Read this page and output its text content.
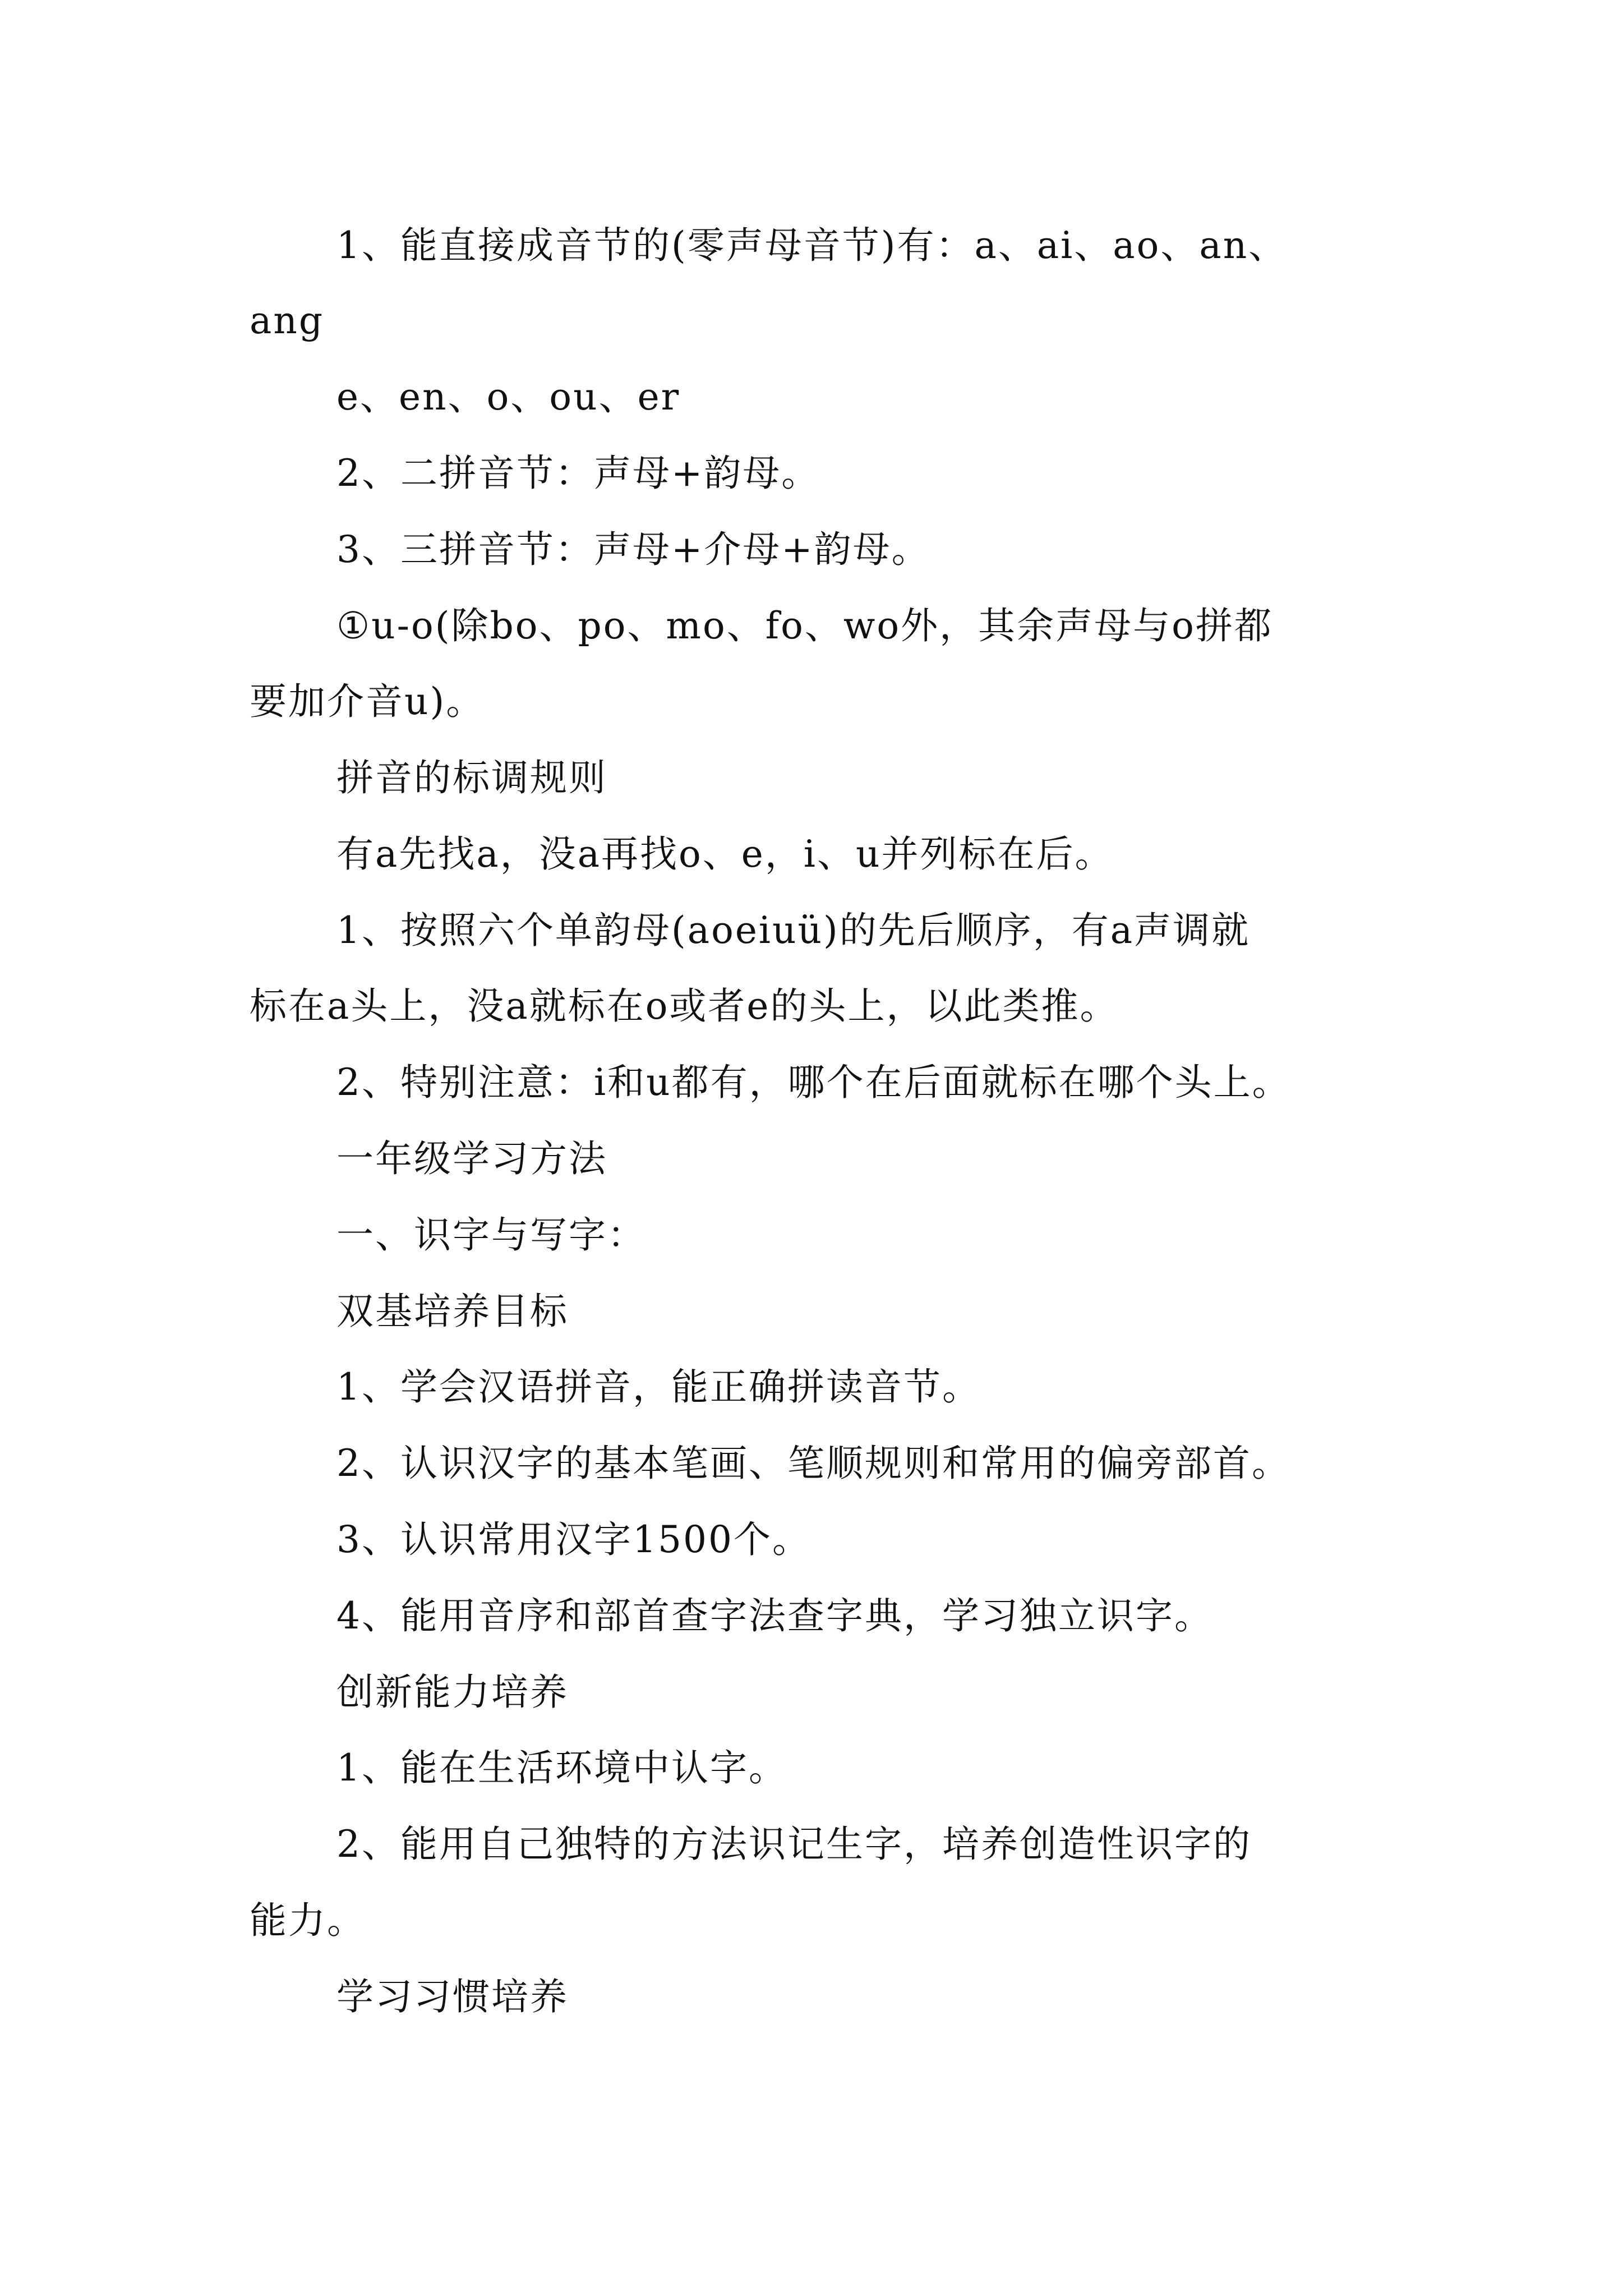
1、能直接成音节的(零声母音节)有：a、ai、ao、an、
ang
e、en、o、ou、er
2、二拼音节：声母+韵母。
3、三拼音节：声母+介母+韵母。
①u-o(除bo、po、mo、fo、wo外，其余声母与o拼都
要加介音u)。
拼音的标调规则
有a先找a，没a再找o、e，i、u并列标在后。
1、按照六个单韵母(aoeiuü)的先后顺序，有a声调就
标在a头上，没a就标在o或者e的头上，以此类推。
2、特别注意：i和u都有，哪个在后面就标在哪个头上。
一年级学习方法
一、识字与写字：
双基培养目标
1、学会汉语拼音，能正确拼读音节。
2、认识汉字的基本笔画、笔顺规则和常用的偏旁部首。
3、认识常用汉字1500个。
4、能用音序和部首查字法查字典，学习独立识字。
创新能力培养
1、能在生活环境中认字。
2、能用自己独特的方法识记生字，培养创造性识字的
能力。
学习习惯培养
